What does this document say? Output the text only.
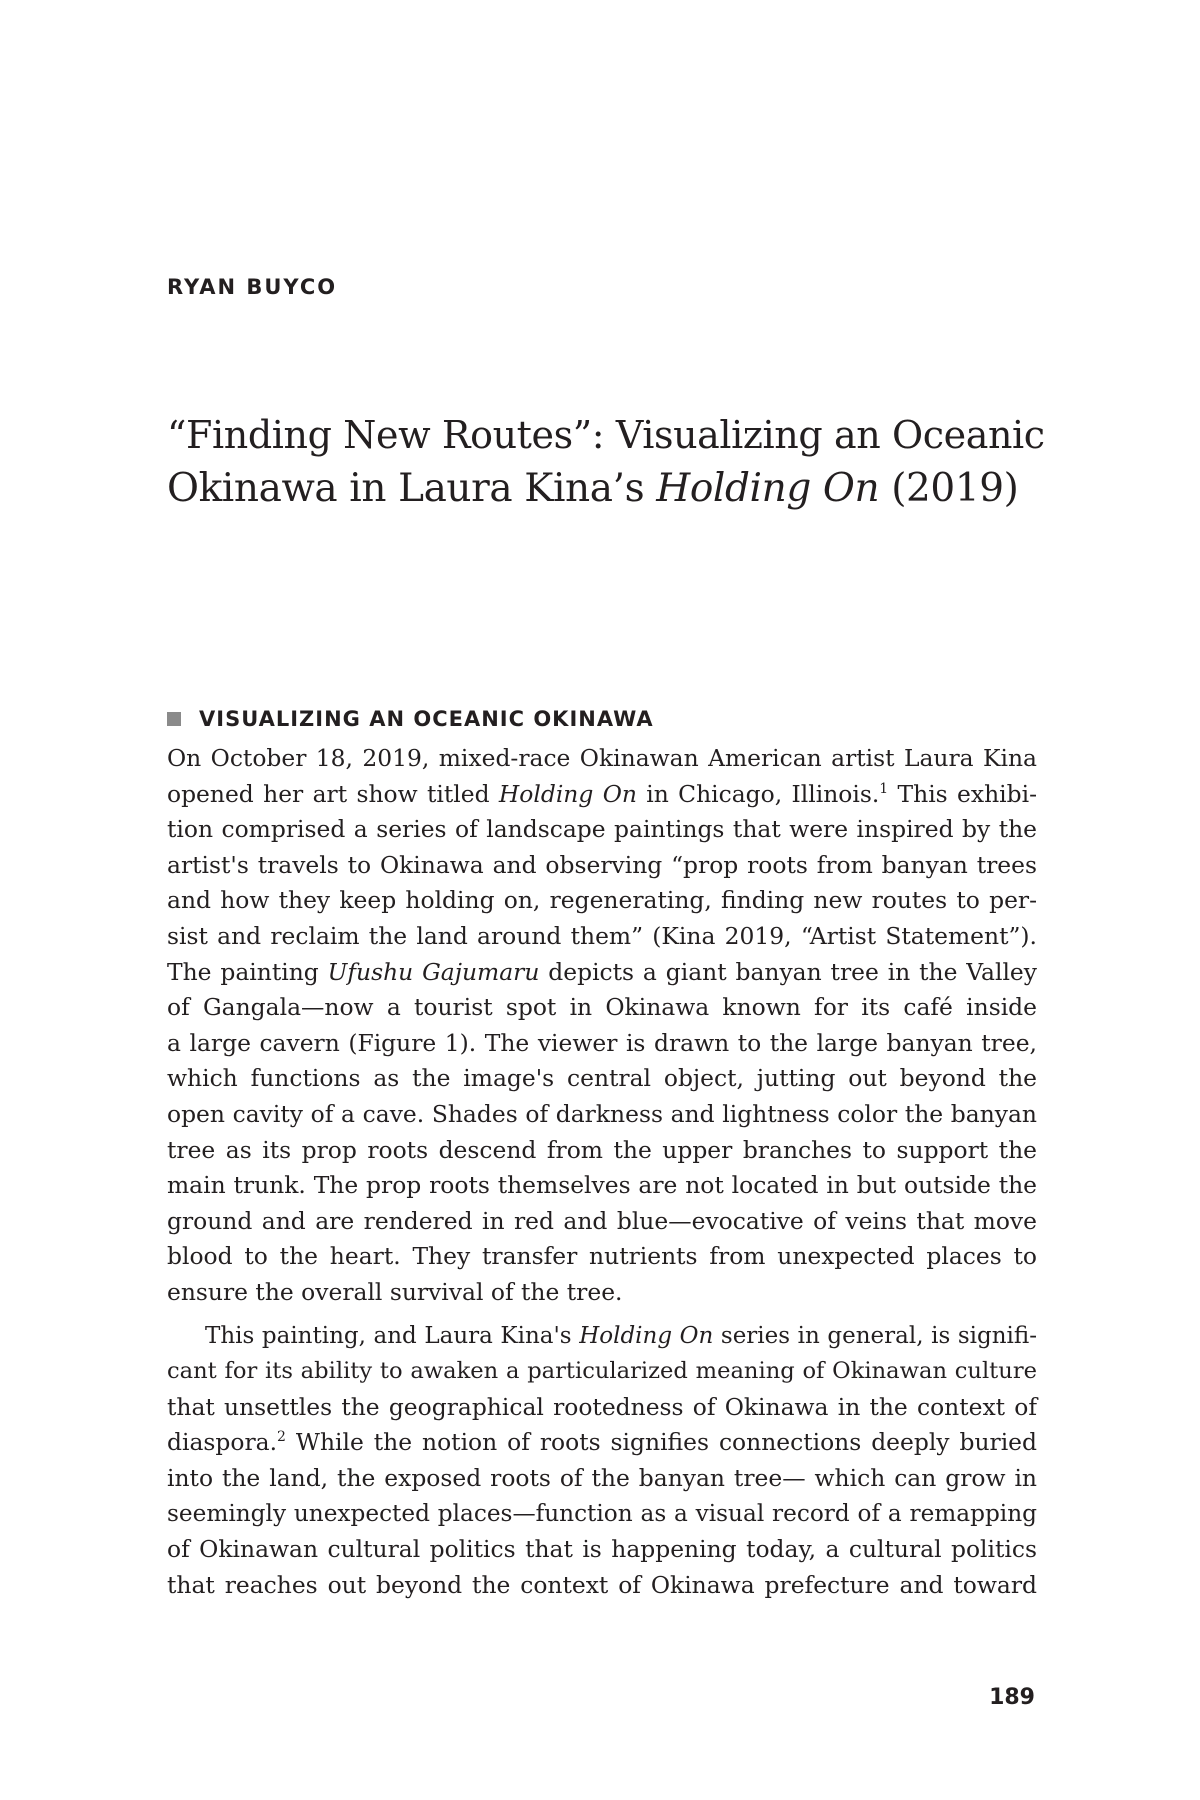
RYAN BUYCO

“Finding New Routes”: Visualizing an Oceanic
Okinawa in Laura Kina’s Holding On (2019)
VISUALIZING AN OCEANIC OKINAWA
On October 18, 2019, mixed-race Okinawan American artist Laura Kina
opened her art show titled Holding On in Chicago, Illinois.$^1$ This exhibi-
tion comprised a series of landscape paintings that were inspired by the
artist's travels to Okinawa and observing “prop roots from banyan trees
and how they keep holding on, regenerating, finding new routes to per-
sist and reclaim the land around them” (Kina 2019, “Artist Statement”).
The painting Ufushu Gajumaru depicts a giant banyan tree in the Valley
of Gangala—now a tourist spot in Okinawa known for its café inside
a large cavern (Figure 1). The viewer is drawn to the large banyan tree,
which functions as the image's central object, jutting out beyond the
open cavity of a cave. Shades of darkness and lightness color the banyan
tree as its prop roots descend from the upper branches to support the
main trunk. The prop roots themselves are not located in but outside the
ground and are rendered in red and blue—evocative of veins that move
blood to the heart. They transfer nutrients from unexpected places to
ensure the overall survival of the tree.
This painting, and Laura Kina's Holding On series in general, is signifi-
cant for its ability to awaken a particularized meaning of Okinawan culture
that unsettles the geographical rootedness of Okinawa in the context of
diaspora.$^2$ While the notion of roots signifies connections deeply buried
into the land, the exposed roots of the banyan tree— which can grow in
seemingly unexpected places—function as a visual record of a remapping
of Okinawan cultural politics that is happening today, a cultural politics
that reaches out beyond the context of Okinawa prefecture and toward

189
